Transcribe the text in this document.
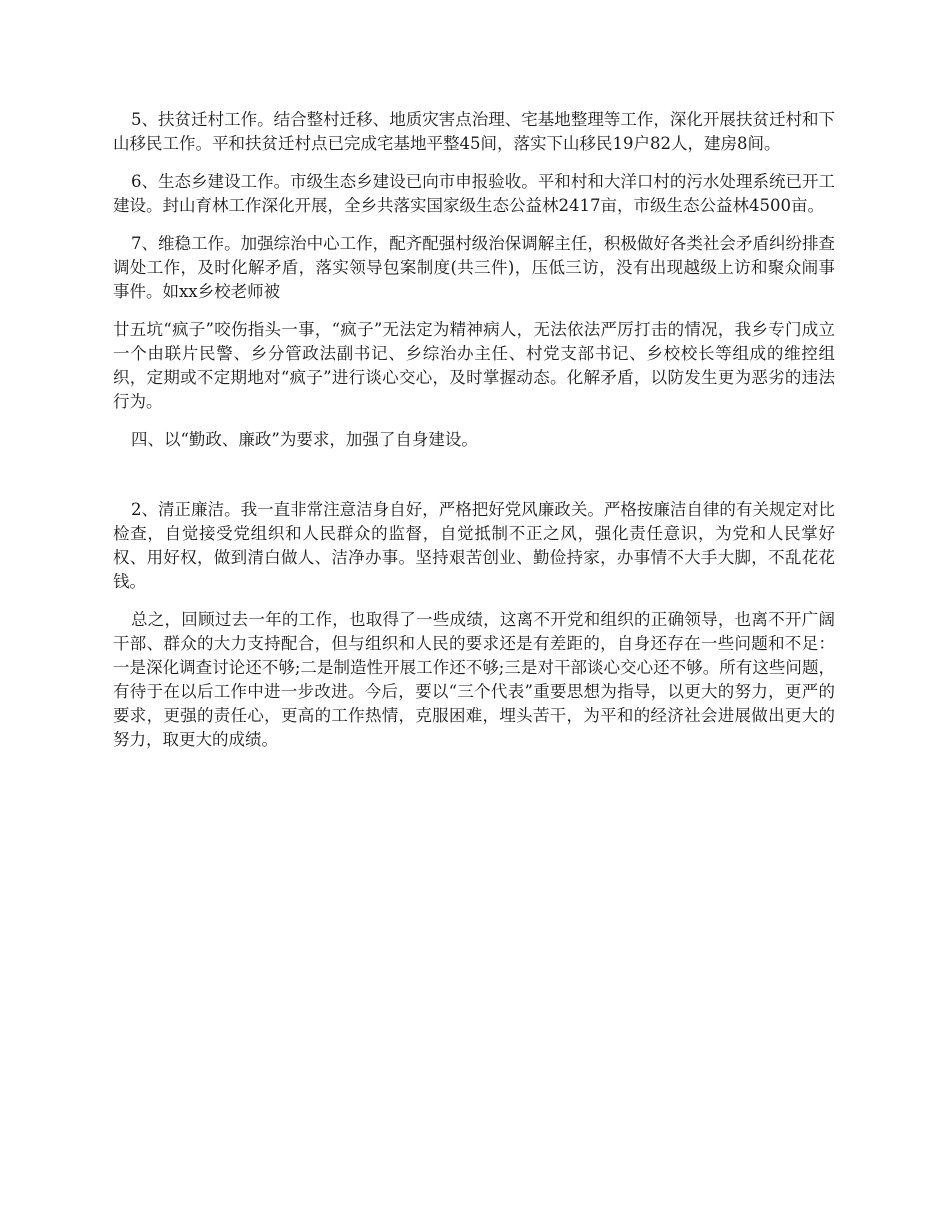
5、扶贫迁村工作。结合整村迁移、地质灾害点治理、宅基地整理等工作，深化开展扶贫迁村和下山移民工作。平和扶贫迁村点已完成宅基地平整45间，落实下山移民19户82人，建房8间。

6、生态乡建设工作。市级生态乡建设已向市申报验收。平和村和大洋口村的污水处理系统已开工建设。封山育林工作深化开展，全乡共落实国家级生态公益林2417亩，市级生态公益林4500亩。

7、维稳工作。加强综治中心工作，配齐配强村级治保调解主任，积极做好各类社会矛盾纠纷排查调处工作，及时化解矛盾，落实领导包案制度(共三件)，压低三访，没有出现越级上访和聚众闹事事件。如xx乡校老师被

廿五坑“疯子”咬伤指头一事，“疯子”无法定为精神病人，无法依法严厉打击的情况，我乡专门成立一个由联片民警、乡分管政法副书记、乡综治办主任、村党支部书记、乡校校长等组成的维控组织，定期或不定期地对“疯子”进行谈心交心，及时掌握动态。化解矛盾，以防发生更为恶劣的违法行为。

四、以“勤政、廉政”为要求，加强了自身建设。

2、清正廉洁。我一直非常注意洁身自好，严格把好党风廉政关。严格按廉洁自律的有关规定对比检查，自觉接受党组织和人民群众的监督，自觉抵制不正之风，强化责任意识，为党和人民掌好权、用好权，做到清白做人、洁净办事。坚持艰苦创业、勤俭持家，办事情不大手大脚，不乱花花钱。

总之，回顾过去一年的工作，也取得了一些成绩，这离不开党和组织的正确领导，也离不开广阔干部、群众的大力支持配合，但与组织和人民的要求还是有差距的，自身还存在一些问题和不足：一是深化调查讨论还不够;二是制造性开展工作还不够;三是对干部谈心交心还不够。所有这些问题，有待于在以后工作中进一步改进。今后，要以“三个代表”重要思想为指导，以更大的努力，更严的要求，更强的责任心，更高的工作热情，克服困难，埋头苦干，为平和的经济社会进展做出更大的努力，取更大的成绩。
